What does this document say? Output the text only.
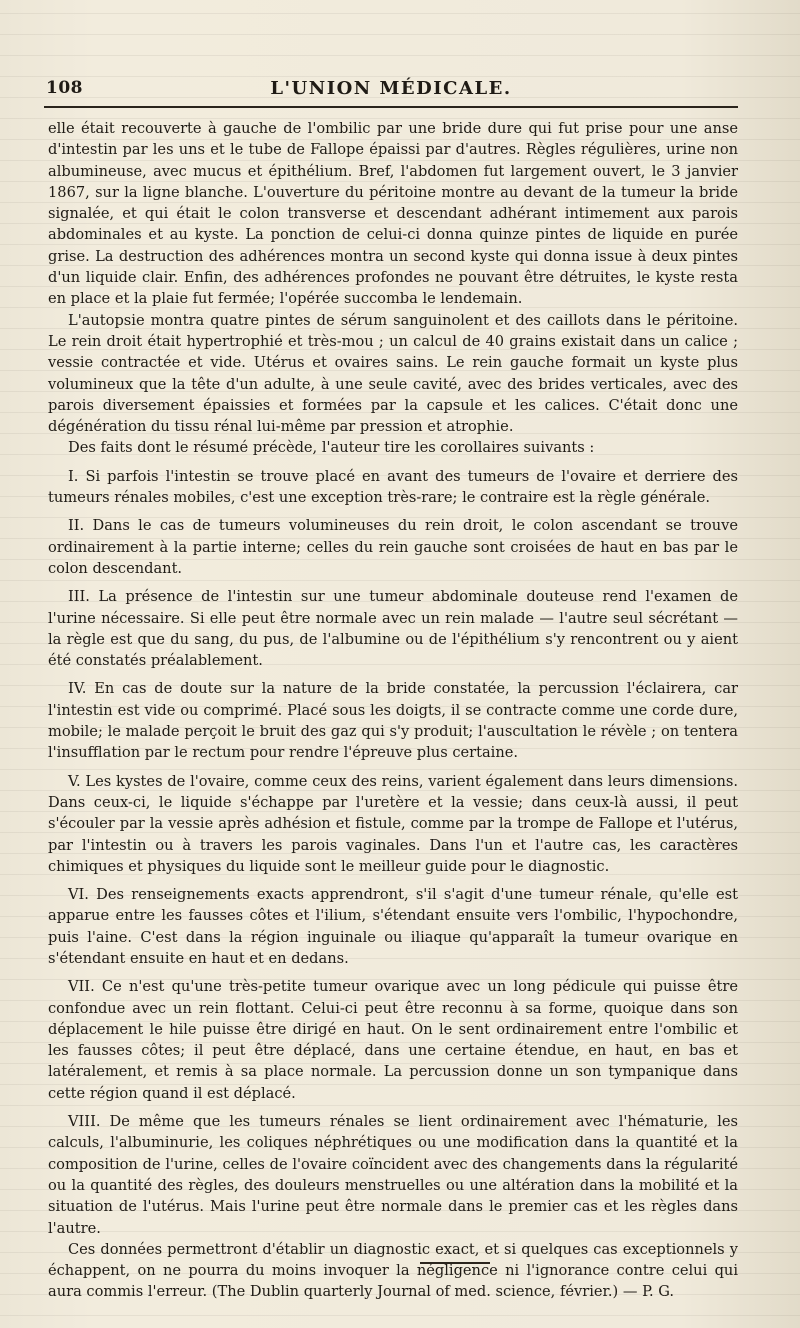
108	L'UNION MÉDICALE.

elle était recouverte à gauche de l'ombilic par une bride dure qui fut prise pour une anse d'intestin par les uns et le tube de Fallope épaissi par d'autres. Règles régulières, urine non albumineuse, avec mucus et épithélium. Bref, l'abdomen fut largement ouvert, le 3 janvier 1867, sur la ligne blanche. L'ouverture du péritoine montre au devant de la tumeur la bride signalée, et qui était le colon transverse et descendant adhérant intimement aux parois abdominales et au kyste. La ponction de celui-ci donna quinze pintes de liquide en purée grise. La destruction des adhérences montra un second kyste qui donna issue à deux pintes d'un liquide clair. Enfin, des adhérences profondes ne pouvant être détruites, le kyste resta en place et la plaie fut fermée; l'opérée succomba le lendemain.

L'autopsie montra quatre pintes de sérum sanguinolent et des caillots dans le péritoine. Le rein droit était hypertrophié et très-mou ; un calcul de 40 grains existait dans un calice ; vessie contractée et vide. Utérus et ovaires sains. Le rein gauche formait un kyste plus volumineux que la tête d'un adulte, à une seule cavité, avec des brides verticales, avec des parois diversement épaissies et formées par la capsule et les calices. C'était donc une dégénération du tissu rénal lui-même par pression et atrophie.

Des faits dont le résumé précède, l'auteur tire les corollaires suivants :

I. Si parfois l'intestin se trouve placé en avant des tumeurs de l'ovaire et derriere des tumeurs rénales mobiles, c'est une exception très-rare; le contraire est la règle générale.

II. Dans le cas de tumeurs volumineuses du rein droit, le colon ascendant se trouve ordinairement à la partie interne; celles du rein gauche sont croisées de haut en bas par le colon descendant.

III. La présence de l'intestin sur une tumeur abdominale douteuse rend l'examen de l'urine nécessaire. Si elle peut être normale avec un rein malade — l'autre seul sécrétant — la règle est que du sang, du pus, de l'albumine ou de l'épithélium s'y rencontrent ou y aient été constatés préalablement.

IV. En cas de doute sur la nature de la bride constatée, la percussion l'éclairera, car l'intestin est vide ou comprimé. Placé sous les doigts, il se contracte comme une corde dure, mobile; le malade perçoit le bruit des gaz qui s'y produit; l'auscultation le révèle ; on tentera l'insufflation par le rectum pour rendre l'épreuve plus certaine.

V. Les kystes de l'ovaire, comme ceux des reins, varient également dans leurs dimensions. Dans ceux-ci, le liquide s'échappe par l'uretère et la vessie; dans ceux-là aussi, il peut s'écouler par la vessie après adhésion et fistule, comme par la trompe de Fallope et l'utérus, par l'intestin ou à travers les parois vaginales. Dans l'un et l'autre cas, les caractères chimiques et physiques du liquide sont le meilleur guide pour le diagnostic.

VI. Des renseignements exacts apprendront, s'il s'agit d'une tumeur rénale, qu'elle est apparue entre les fausses côtes et l'ilium, s'étendant ensuite vers l'ombilic, l'hypochondre, puis l'aine. C'est dans la région inguinale ou iliaque qu'apparaît la tumeur ovarique en s'étendant ensuite en haut et en dedans.

VII. Ce n'est qu'une très-petite tumeur ovarique avec un long pédicule qui puisse être confondue avec un rein flottant. Celui-ci peut être reconnu à sa forme, quoique dans son déplacement le hile puisse être dirigé en haut. On le sent ordinairement entre l'ombilic et les fausses côtes; il peut être déplacé, dans une certaine étendue, en haut, en bas et latéralement, et remis à sa place normale. La percussion donne un son tympanique dans cette région quand il est déplacé.

VIII. De même que les tumeurs rénales se lient ordinairement avec l'hématurie, les calculs, l'albuminurie, les coliques néphrétiques ou une modification dans la quantité et la composition de l'urine, celles de l'ovaire coïncident avec des changements dans la régularité ou la quantité des règles, des douleurs menstruelles ou une altération dans la mobilité et la situation de l'utérus. Mais l'urine peut être normale dans le premier cas et les règles dans l'autre.

Ces données permettront d'établir un diagnostic exact, et si quelques cas exceptionnels y échappent, on ne pourra du moins invoquer la négligence ni l'ignorance contre celui qui aura commis l'erreur. (The Dublin quarterly Journal of med. science, février.) — P. G.
